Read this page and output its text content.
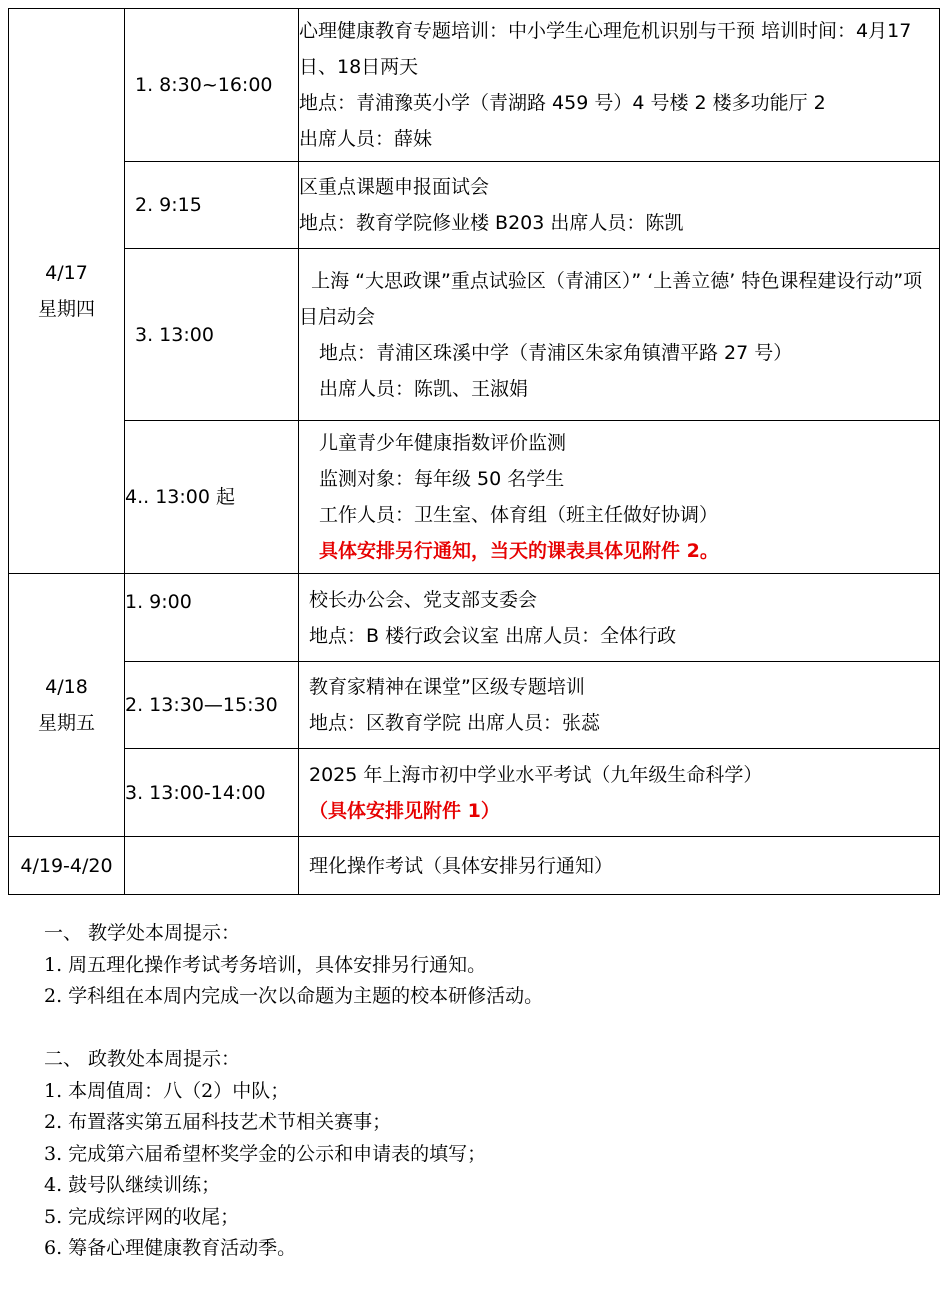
4/17
星期四	1. 8:30~16:00	心理健康教育专题培训：中小学生心理危机识别与干预 培训时间：4月17日、18日两天
地点：青浦豫英小学（青湖路 459 号）4 号楼 2 楼多功能厅 2
出席人员：薛妹

	2. 9:15	区重点课题申报面试会
地点：教育学院修业楼 B203 出席人员：陈凯

	3. 13:00	上海 “大思政课”重点试验区（青浦区）” ‘上善立德’ 特色课程建设行动”项目启动会
地点：青浦区珠溪中学（青浦区朱家角镇漕平路 27 号）
出席人员：陈凯、王淑娟

	4.. 13:00 起	儿童青少年健康指数评价监测
监测对象：每年级 50 名学生
工作人员：卫生室、体育组（班主任做好协调）
具体安排另行通知，当天的课表具体见附件 2。

4/18
星期五	1. 9:00	校长办公会、党支部支委会
地点：B 楼行政会议室 出席人员：全体行政

	2. 13:30—15:30	教育家精神在课堂”区级专题培训
地点：区教育学院 出席人员：张蕊

	3. 13:00-14:00	2025 年上海市初中学业水平考试（九年级生命科学）
（具体安排见附件 1）

4/19-4/20		理化操作考试（具体安排另行通知）
一、 教学处本周提示：
1. 周五理化操作考试考务培训，具体安排另行通知。
2. 学科组在本周内完成一次以命题为主题的校本研修活动。
二、 政教处本周提示：
1. 本周值周：八（2）中队；
2. 布置落实第五届科技艺术节相关赛事；
3. 完成第六届希望杯奖学金的公示和申请表的填写；
4. 鼓号队继续训练；
5. 完成综评网的收尾；
6. 筹备心理健康教育活动季。
